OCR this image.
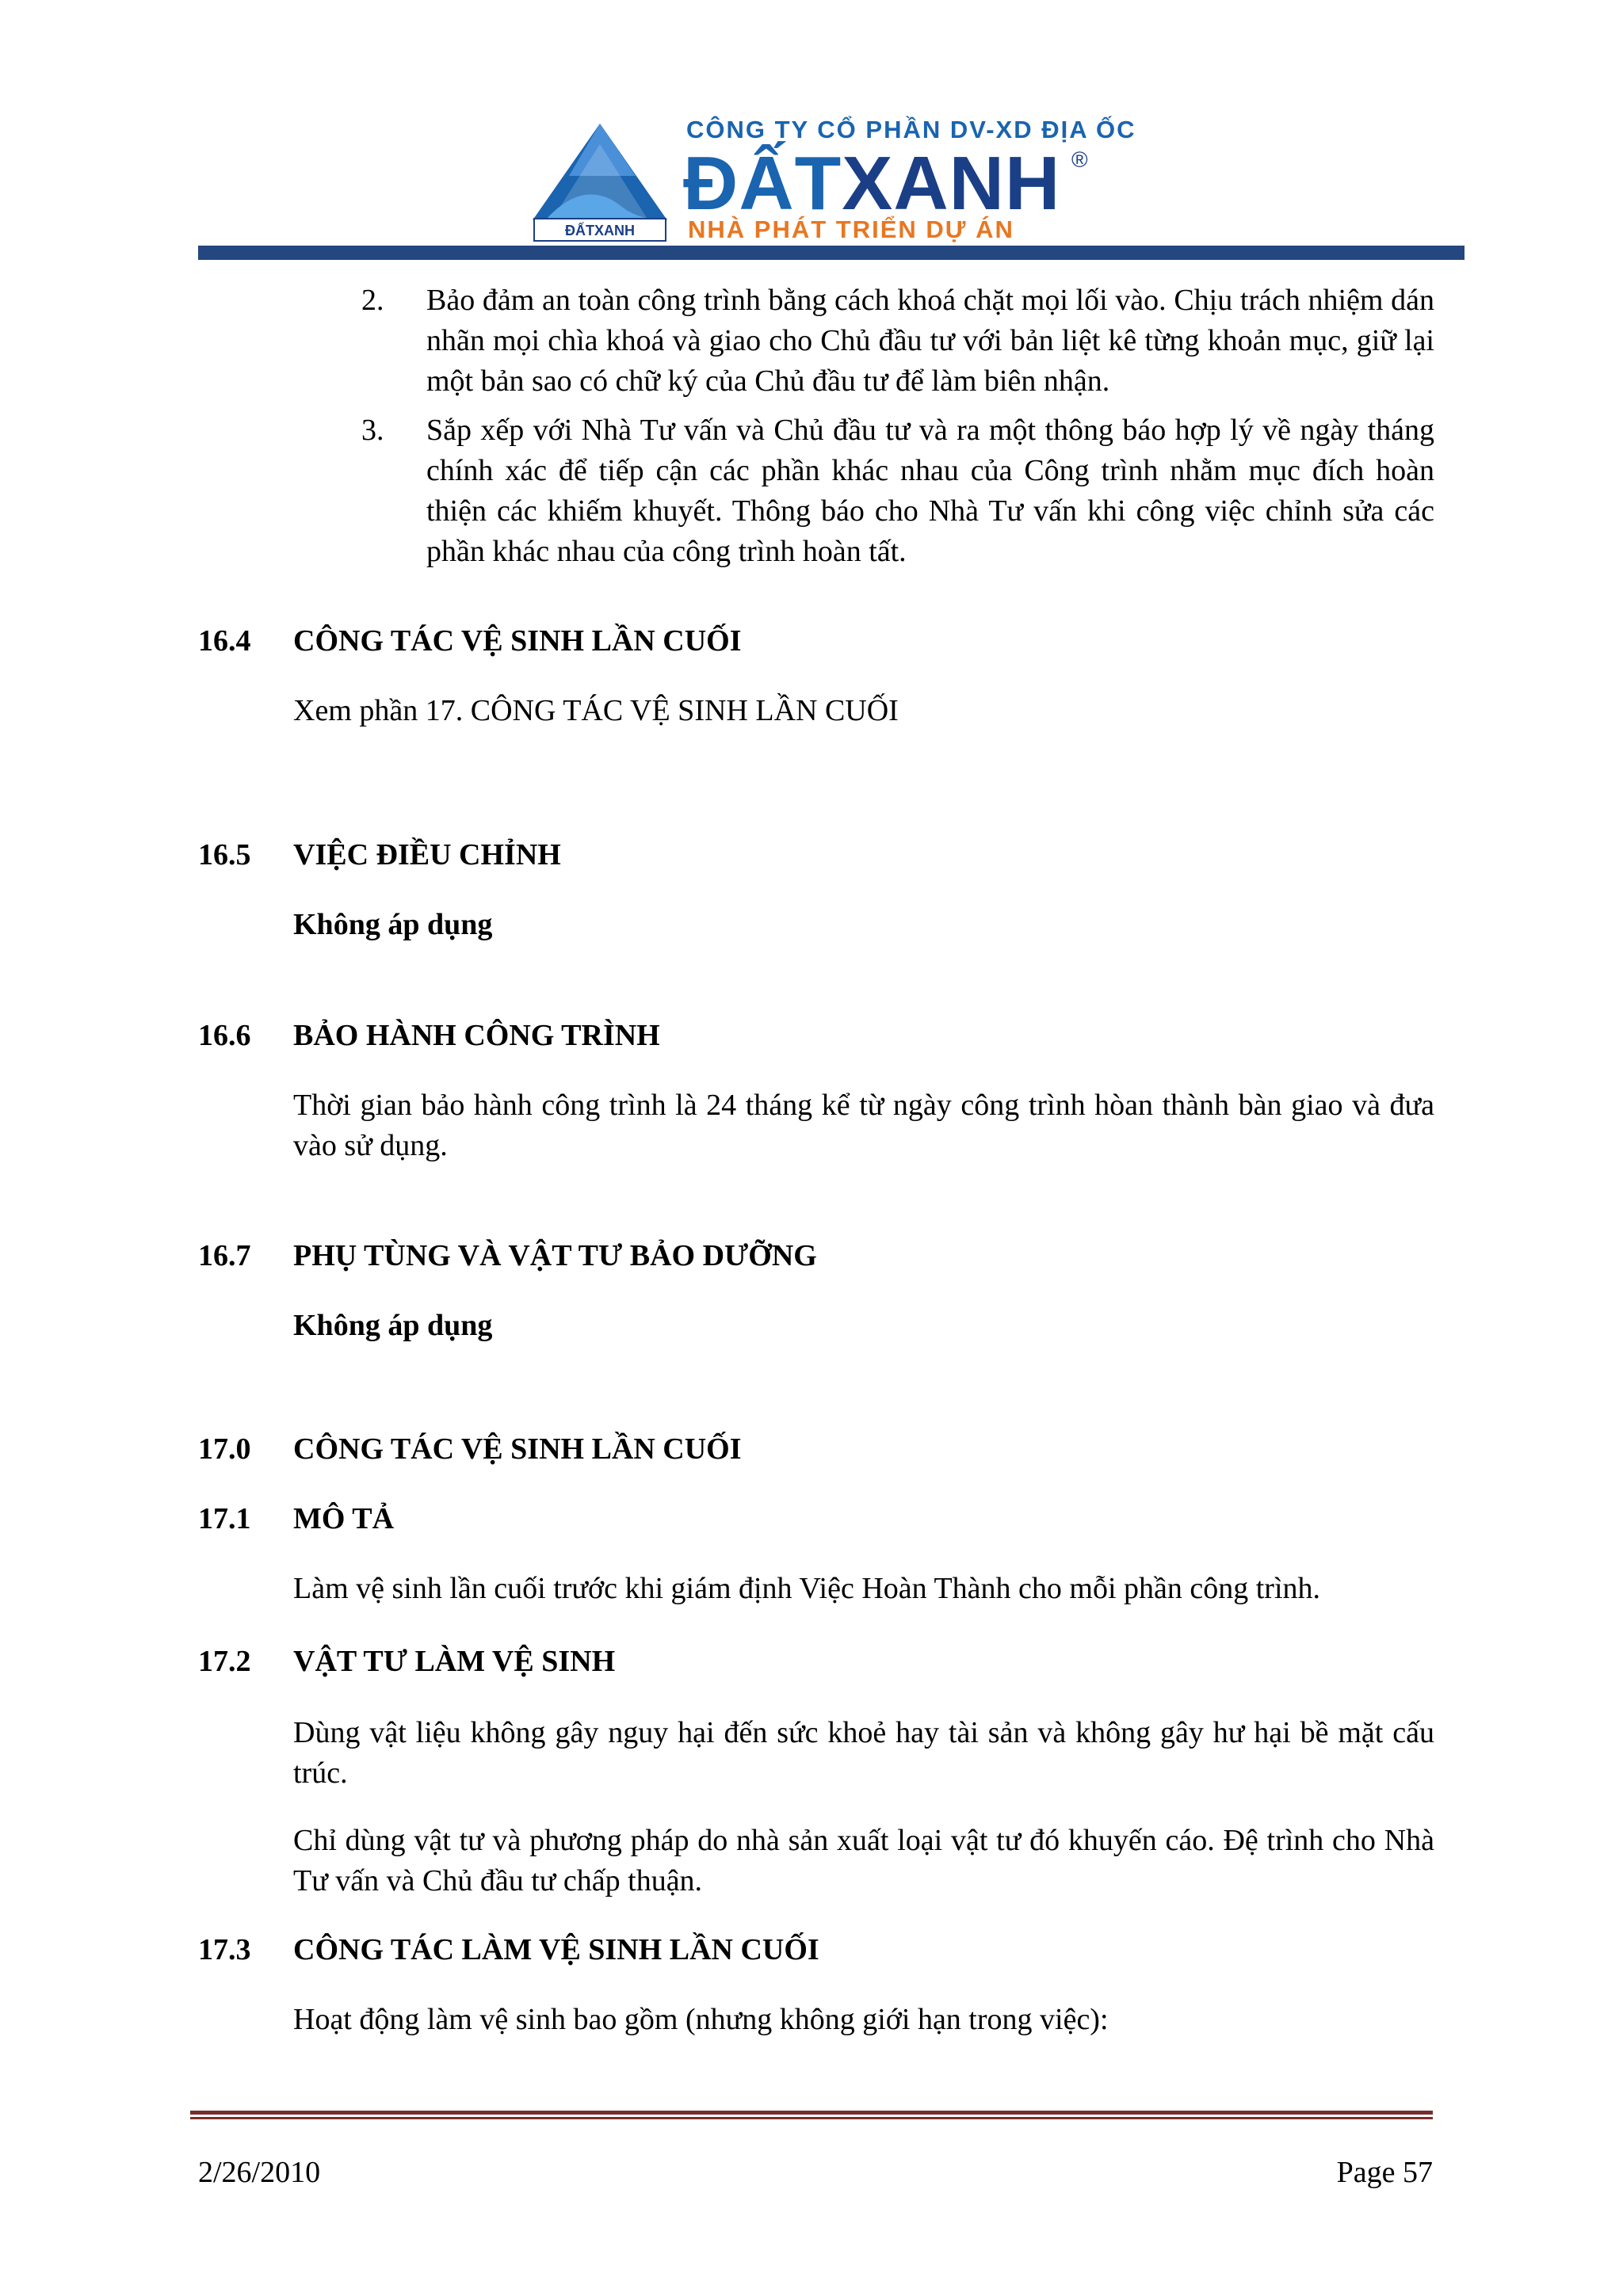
ĐẤTXANH
CÔNG TY CỔ PHẦN DV-XD ĐỊA ỐC
ĐẤTXANH ®
NHÀ PHÁT TRIỂN DỰ ÁN
2. Bảo đảm an toàn công trình bằng cách khoá chặt mọi lối vào. Chịu trách nhiệm dán nhãn mọi chìa khoá và giao cho Chủ đầu tư với bản liệt kê từng khoản mục, giữ lại một bản sao có chữ ký của Chủ đầu tư để làm biên nhận.
3. Sắp xếp với Nhà Tư vấn và Chủ đầu tư và ra một thông báo hợp lý về ngày tháng chính xác để tiếp cận các phần khác nhau của Công trình nhằm mục đích hoàn thiện các khiếm khuyết. Thông báo cho Nhà Tư vấn khi công việc chỉnh sửa các phần khác nhau của công trình hoàn tất.
16.4 CÔNG TÁC VỆ SINH LẦN CUỐI
Xem phần 17. CÔNG TÁC VỆ SINH LẦN CUỐI
16.5 VIỆC ĐIỀU CHỈNH
Không áp dụng
16.6 BẢO HÀNH CÔNG TRÌNH
Thời gian bảo hành công trình là 24 tháng kể từ ngày công trình hòan thành bàn giao và đưa vào sử dụng.
16.7 PHỤ TÙNG VÀ VẬT TƯ BẢO DƯỠNG
Không áp dụng
17.0 CÔNG TÁC VỆ SINH LẦN CUỐI
17.1 MÔ TẢ
Làm vệ sinh lần cuối trước khi giám định Việc Hoàn Thành cho mỗi phần công trình.
17.2 VẬT TƯ LÀM VỆ SINH
Dùng vật liệu không gây nguy hại đến sức khoẻ hay tài sản và không gây hư hại bề mặt cấu trúc.
Chỉ dùng vật tư và phương pháp do nhà sản xuất loại vật tư đó khuyến cáo. Đệ trình cho Nhà Tư vấn và Chủ đầu tư chấp thuận.
17.3 CÔNG TÁC LÀM VỆ SINH LẦN CUỐI
Hoạt động làm vệ sinh bao gồm (nhưng không giới hạn trong việc):
2/26/2010	Page 57
